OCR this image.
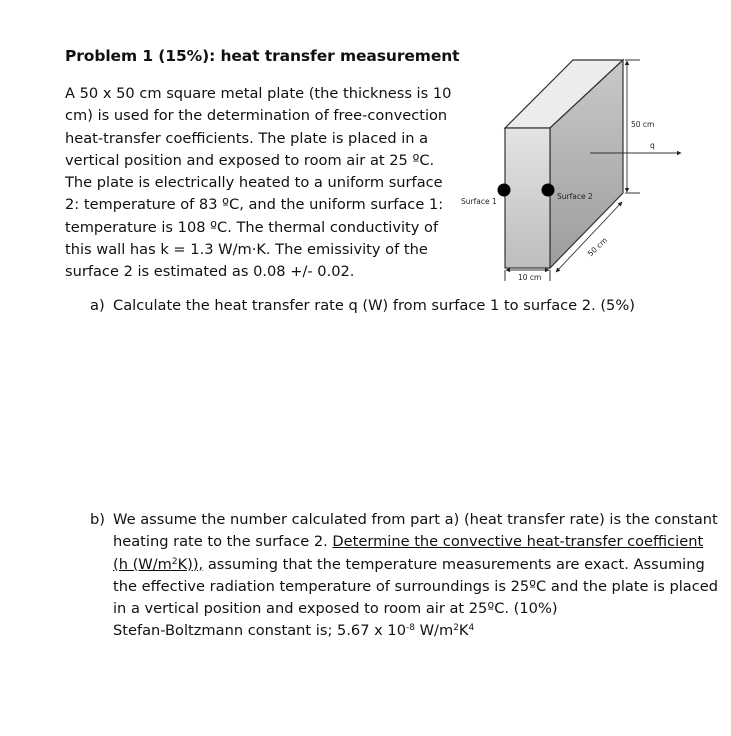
Problem 1 (15%): heat transfer measurement
A 50 x 50 cm square metal plate (the thickness is 10
cm) is used for the determination of free-convection
heat-transfer coefficients. The plate is placed in a
vertical position and exposed to room air at 25 ºC.
The plate is electrically heated to a uniform surface
2: temperature of 83 ºC, and the uniform surface 1:
temperature is 108 ºC. The thermal conductivity of
this wall has k = 1.3 W/m·K. The emissivity of the
surface 2 is estimated as 0.08 +/- 0.02.
Surface 1
Surface 2
50 cm
q
50 cm
10 cm
a) Calculate the heat transfer rate q (W) from surface 1 to surface 2. (5%)
b) We assume the number calculated from part a) (heat transfer rate) is the constant
heating rate to the surface 2. Determine the convective heat-transfer coefficient
(h $(W/m^2K)$), assuming that the temperature measurements are exact. Assuming
the effective radiation temperature of surroundings is 25ºC and the plate is placed
in a vertical position and exposed to room air at 25ºC. (10%)
Stefan-Boltzmann constant is; 5.67 x $10^{-8}$ $W/m^2K^4$
